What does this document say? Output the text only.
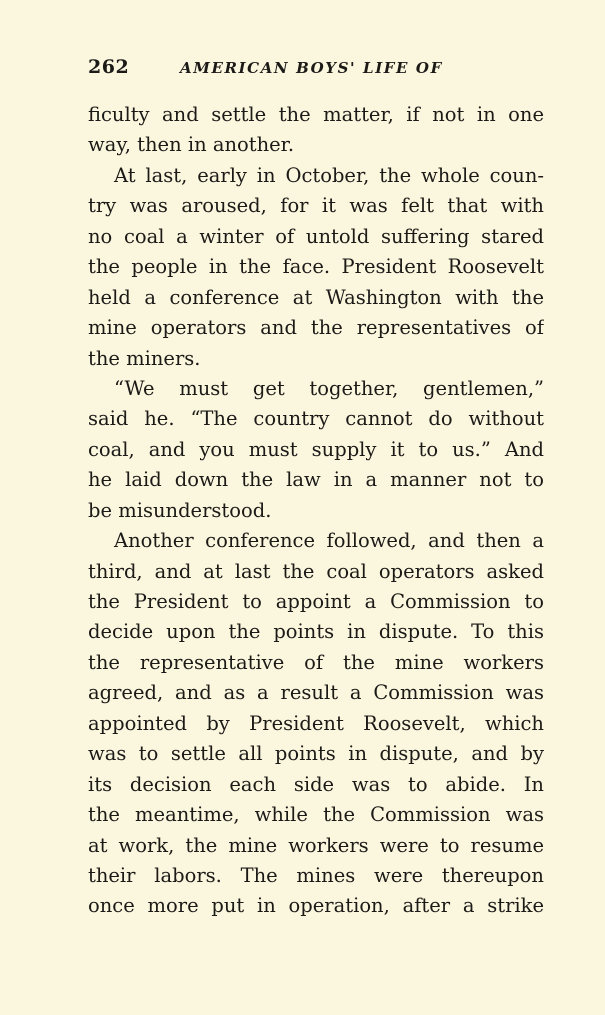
262	AMERICAN BOYS' LIFE OF
ficulty and settle the matter, if not in one
way, then in another.
At last, early in October, the whole coun-
try was aroused, for it was felt that with
no coal a winter of untold suffering stared
the people in the face. President Roosevelt
held a conference at Washington with the
mine operators and the representatives of
the miners.
“We must get together, gentlemen,”
said he. “The country cannot do without
coal, and you must supply it to us.” And
he laid down the law in a manner not to
be misunderstood.
Another conference followed, and then a
third, and at last the coal operators asked
the President to appoint a Commission to
decide upon the points in dispute. To this
the representative of the mine workers
agreed, and as a result a Commission was
appointed by President Roosevelt, which
was to settle all points in dispute, and by
its decision each side was to abide. In
the meantime, while the Commission was
at work, the mine workers were to resume
their labors. The mines were thereupon
once more put in operation, after a strike
